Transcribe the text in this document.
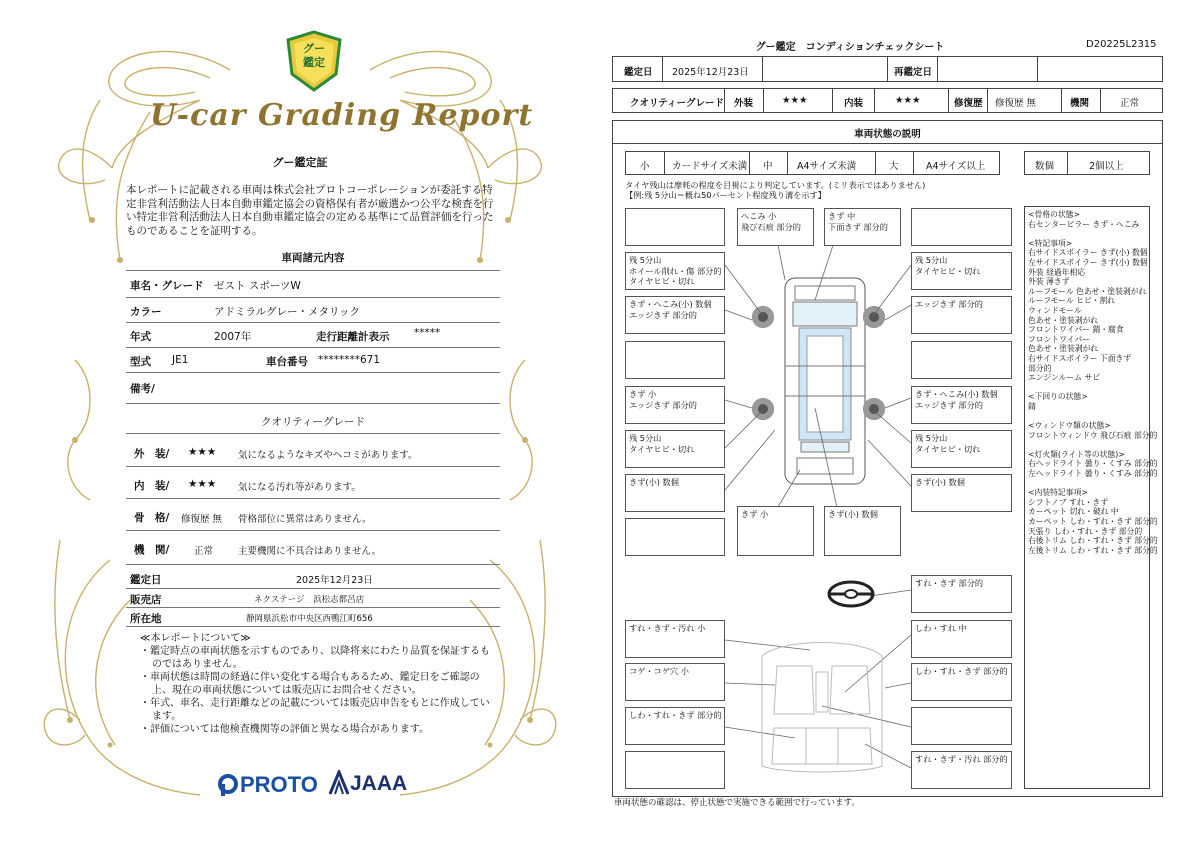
グー
鑑定
U-car Grading Report
グー鑑定証
本レポートに記載される車両は株式会社プロトコーポレーションが委託する特定非営利活動法人日本自動車鑑定協会の資格保有者が厳選かつ公平な検査を行い特定非営利活動法人日本自動車鑑定協会の定める基準にて品質評価を行ったものであることを証明する。
車両諸元内容
車名・グレード ゼスト スポーツW
カラー	アドミラルグレー・メタリック
年式	2007年	走行距離計表示 *****
型式 JE1	車台番号 ********671
備考/
クオリティーグレード
外　装/ ★★★ 気になるようなキズやヘコミがあります。
内　装/ ★★★ 気になる汚れ等があります。
骨　格/ 修復歴 無 骨格部位に異常はありません。
機　関/	正常	主要機関に不具合はありません。
鑑定日	2025年12月23日
販売店	ネクステージ　浜松志都呂店
所在地	静岡県浜松市中央区西鴨江町656
≪本レポートについて≫
・鑑定時点の車両状態を示すものであり、以降将来にわたり品質を保証するものではありません。
・車両状態は時間の経過に伴い変化する場合もあるため、鑑定日をご確認の上、現在の車両状態については販売店にお問合せください。
・年式、車名、走行距離などの記載については販売店申告をもとに作成しています。
・評価については他検査機関等の評価と異なる場合があります。
PROTO JAAA
グー鑑定　コンディションチェックシート	D20225L2315
鑑定日 2025年12月23日	再鑑定日
クオリティーグレード 外装	★★★	内装	★★★	修復歴 修復歴 無	機関	正常
車両状態の説明
小 カードサイズ未満 中	A4サイズ未満	大	A4サイズ以上	数個	2個以上
タイヤ残山は摩耗の程度を目視により判定しています。(ミリ表示ではありません)
【例:残 5分山＝概ね50パーセント程度残り溝を示す】
へこみ 小
飛び石痕 部分的
きず 中
下面きず 部分的
残 5分山
ホイール削れ・傷 部分的
タイヤヒビ・切れ
きず・へこみ(小) 数個
エッジきず 部分的
きず 小
エッジきず 部分的
残 5分山
タイヤヒビ・切れ
きず(小) 数個
残 5分山
タイヤヒビ・切れ
エッジきず 部分的
きず・へこみ(小) 数個
エッジきず 部分的
残 5分山
タイヤヒビ・切れ
きず(小) 数個
きず 小	きず(小) 数個
すれ・きず・汚れ 小
コゲ・コゲ穴 小
しわ・すれ・きず 部分的
すれ・きず 部分的
しわ・すれ 中
しわ・すれ・きず 部分的
すれ・きず・汚れ 部分的
<骨格の状態>
右センターピラー きず・へこみ

<特記事項>
右サイドスポイラー きず(小) 数個
左サイドスポイラー きず(小) 数個
外装 経過年相応
外装 薄きず
ルーフモール 色あせ・塗装剥がれ
ルーフモール ヒビ・割れ
ウィンドモール
色あせ・塗装剥がれ
フロントワイパー 錆・腐食
フロントワイパー
色あせ・塗装剥がれ
右サイドスポイラー 下面きず
部分的
エンジンルーム サビ

<下回りの状態>
錆

<ウィンドウ類の状態>
フロントウィンドウ 飛び石痕 部分的

<灯火類(ライト等の状態)>
右ヘッドライト 曇り・くすみ 部分的
左ヘッドライト 曇り・くすみ 部分的

<内装特記事項>
シフトノブ すれ・きず
カーペット 切れ・破れ 中
カーペット しわ・すれ・きず 部分的
天張り しわ・すれ・きず 部分的
右後トリム しわ・すれ・きず 部分的
左後トリム しわ・すれ・きず 部分的
車両状態の確認は、停止状態で実施できる範囲で行っています。
